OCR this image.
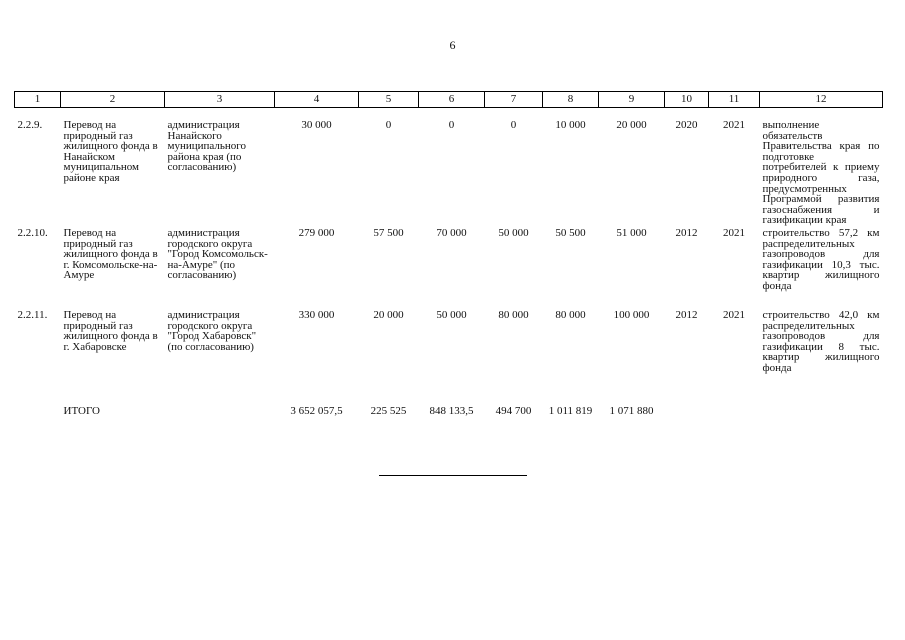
6
1	2	3	4	5	6	7	8	9	10	11	12

2.2.9.	Перевод на природный газ жилищного фонда в Нанайском муниципальном районе края	администрация Нанайского муниципального района края (по согласованию)	30 000	0	0	0	10 000	20 000	2020	2021	выполнение обязательств Правительства края по подготовке потребителей к приему природного газа, предусмотренных Программой развития газоснабжения и газификации края
2.2.10.	Перевод на природный газ жилищного фонда в г. Комсомольске-на-Амуре	администрация городского округа "Город Комсомольск-на-Амуре" (по согласованию)	279 000	57 500	70 000	50 000	50 500	51 000	2012	2021	строительство 57,2 км распределительных газопроводов для газификации 10,3 тыс. квартир жилищного фонда
2.2.11.	Перевод на природный газ жилищного фонда в г. Хабаровске	администрация городского округа "Город Хабаровск" (по согласованию)	330 000	20 000	50 000	80 000	80 000	100 000	2012	2021	строительство 42,0 км распределительных газопроводов для газификации 8 тыс. квартир жилищного фонда
	ИТОГО		3 652 057,5	225 525	848 133,5	494 700	1 011 819	1 071 880			
